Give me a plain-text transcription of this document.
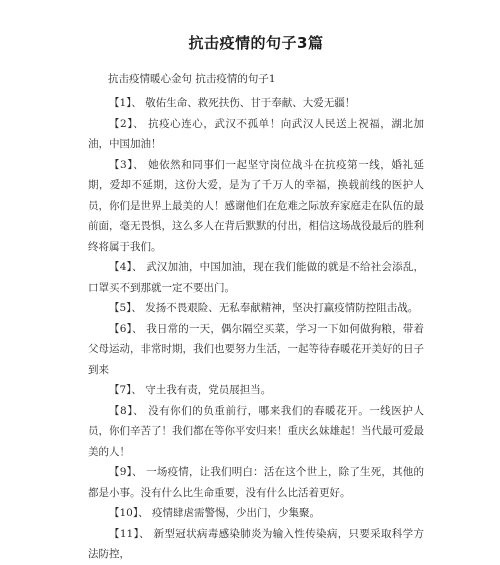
抗击疫情的句子3篇
抗击疫情暖心金句 抗击疫情的句子1

【1】、 敬佑生命、救死扶伤、甘于奉献、大爱无疆！

【2】、 抗疫心连心，武汉不孤单！向武汉人民送上祝福，湖北加油，中国加油！

【3】、 她依然和同事们一起坚守岗位战斗在抗疫第一线，婚礼延期，爱却不延期，这份大爱，是为了千万人的幸福，换载前线的医护人员，你们是世界上最美的人！感谢他们在危难之际放弃家庭走在队伍的最前面，毫无畏惧，这么多人在背后默默的付出，相信这场战役最后的胜利终将属于我们。

【4】、 武汉加油，中国加油，现在我们能做的就是不给社会添乱，口罩买不到那就一定不要出门。

【5】、 发扬不畏艰险、无私奉献精神，坚决打赢疫情防控阻击战。

【6】、 我日常的一天，偶尔隔空买菜，学习一下如何做狗粮，带着父母运动，非常时期，我们也要努力生活，一起等待春暖花开美好的日子到来

【7】、 守土我有责，党员展担当。

【8】、 没有你们的负重前行，哪来我们的春暖花开。一线医护人员，你们辛苦了！我们都在等你平安归来！重庆幺妹雄起！当代最可爱最美的人！

【9】、 一场疫情，让我们明白：活在这个世上，除了生死，其他的都是小事。没有什么比生命重要，没有什么比活着更好。

【10】、 疫情肆虐需警惕，少出门，少集聚。

【11】、 新型冠状病毒感染肺炎为输入性传染病，只要采取科学方法防控，
